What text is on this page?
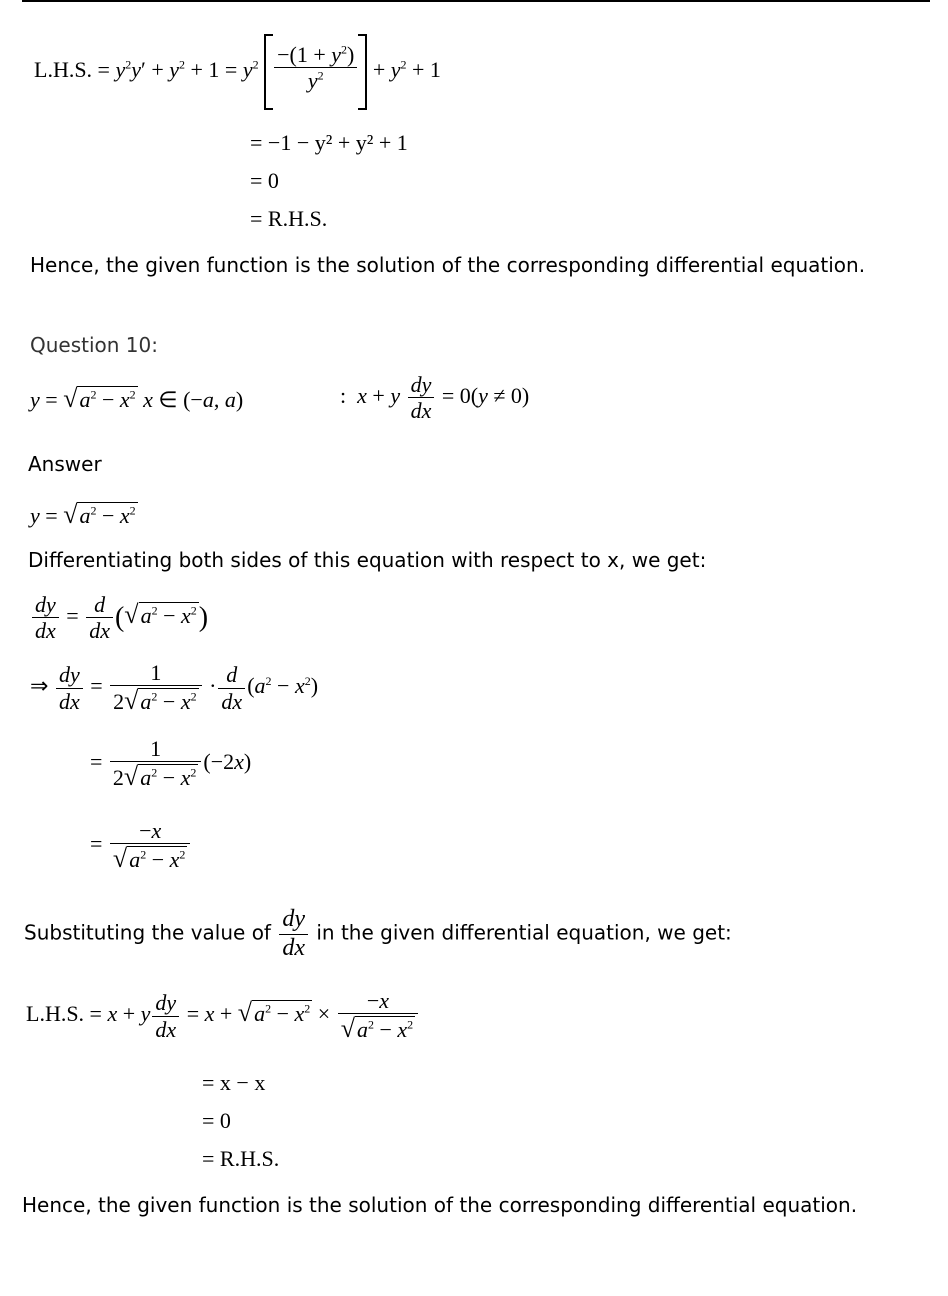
L.H.S. = $y^2y' + y^2 + 1 = y^2 \frac{-(1 + y^2)}{y^2} + y^2 + 1$
= −1 − y² + y² + 1
= 0
= R.H.S.
Hence, the given function is the solution of the corresponding differential equation.
Question 10:
$y = √a^2 - x^2$ x ∈ (−a, a)	: x + y $\frac{dy}{dx} = 0(y \ne 0)$
Answer
$y = √a^2 - x^2$
Differentiating both sides of this equation with respect to x, we get:
$\frac{dy}{dx} = \frac{d}{dx} (√a^2 - x^2)$
⇒ $\frac{dy}{dx} = \frac{1}{2√a^2 - x^2} \cdot \frac{d}{dx} (a^2 - x^2)$
= $\frac{1}{2√a^2 - x^2} (-2x)$
= $\frac{-x}{√a^2 - x^2}$
Substituting the value of $\frac{dy}{dx}$ in the given differential equation, we get:
L.H.S. = x + y $\frac{dy}{dx} = x + √a^2 - x^2 \times \frac{-x}{√a^2 - x^2}$
= x − x
= 0
= R.H.S.
Hence, the given function is the solution of the corresponding differential equation.
